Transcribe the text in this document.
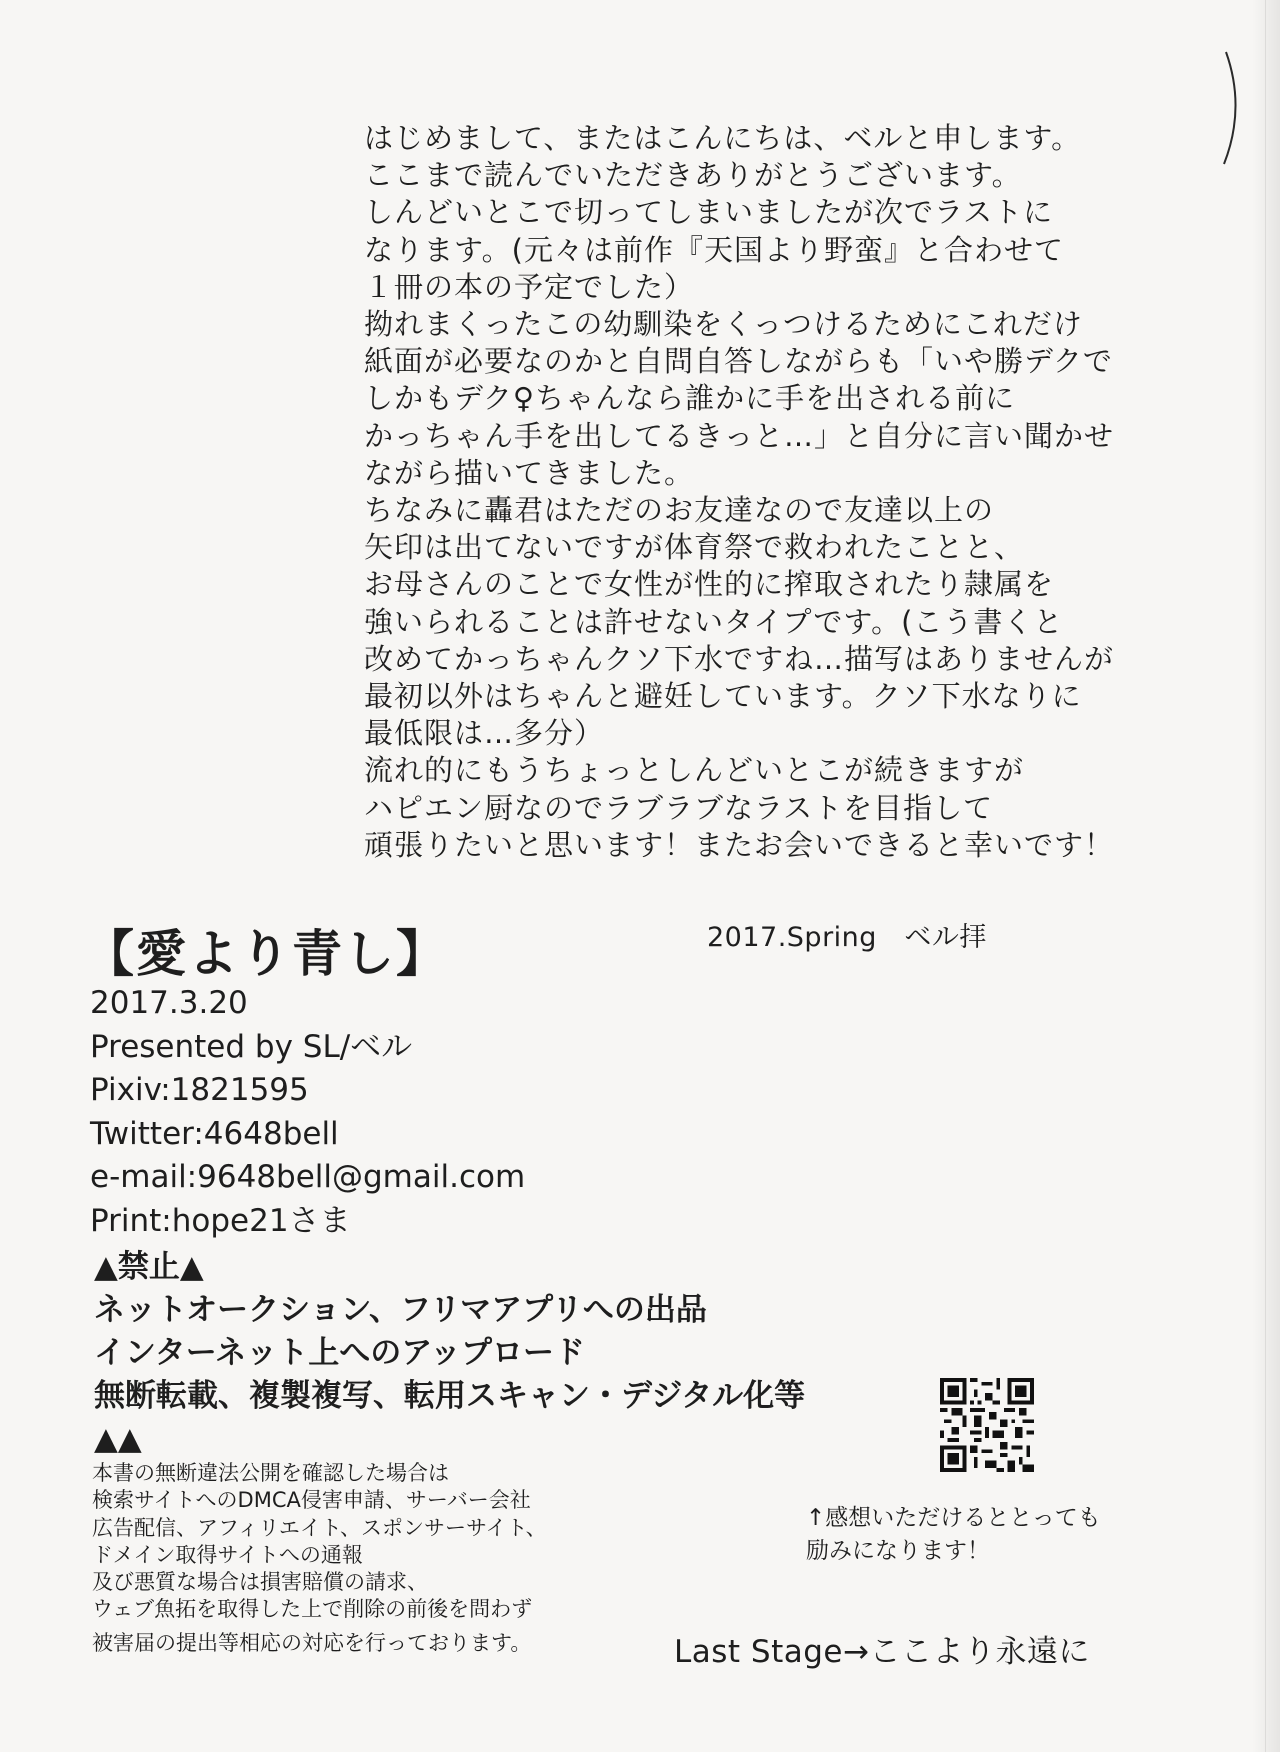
はじめまして、またはこんにちは、ベルと申します。
ここまで読んでいただきありがとうございます。
しんどいとこで切ってしまいましたが次でラストに
なります。(元々は前作『天国より野蛮』と合わせて
１冊の本の予定でした）
拗れまくったこの幼馴染をくっつけるためにこれだけ
紙面が必要なのかと自問自答しながらも「いや勝デクで
しかもデク♀ちゃんなら誰かに手を出される前に
かっちゃん手を出してるきっと…」と自分に言い聞かせ
ながら描いてきました。
ちなみに轟君はただのお友達なので友達以上の
矢印は出てないですが体育祭で救われたことと、
お母さんのことで女性が性的に搾取されたり隷属を
強いられることは許せないタイプです。(こう書くと
改めてかっちゃんクソ下水ですね…描写はありませんが
最初以外はちゃんと避妊しています。クソ下水なりに
最低限は…多分）
流れ的にもうちょっとしんどいとこが続きますが
ハピエン厨なのでラブラブなラストを目指して
頑張りたいと思います！またお会いできると幸いです！
2017.Spring　ベル拝
【愛より青し】
2017.3.20
Presented by SL/ベル
Pixiv:1821595
Twitter:4648bell
e-mail:9648bell@gmail.com
Print:hope21さま
▲禁止▲
ネットオークション、フリマアプリへの出品
インターネット上へのアップロード
無断転載、複製複写、転用スキャン・デジタル化等
▲▲
本書の無断違法公開を確認した場合は
検索サイトへのDMCA侵害申請、サーバー会社
広告配信、アフィリエイト、スポンサーサイト、
ドメイン取得サイトへの通報
及び悪質な場合は損害賠償の請求、
ウェブ魚拓を取得した上で削除の前後を問わず
被害届の提出等相応の対応を行っております。
↑感想いただけるととっても
励みになります！
Last Stage→ここより永遠に
